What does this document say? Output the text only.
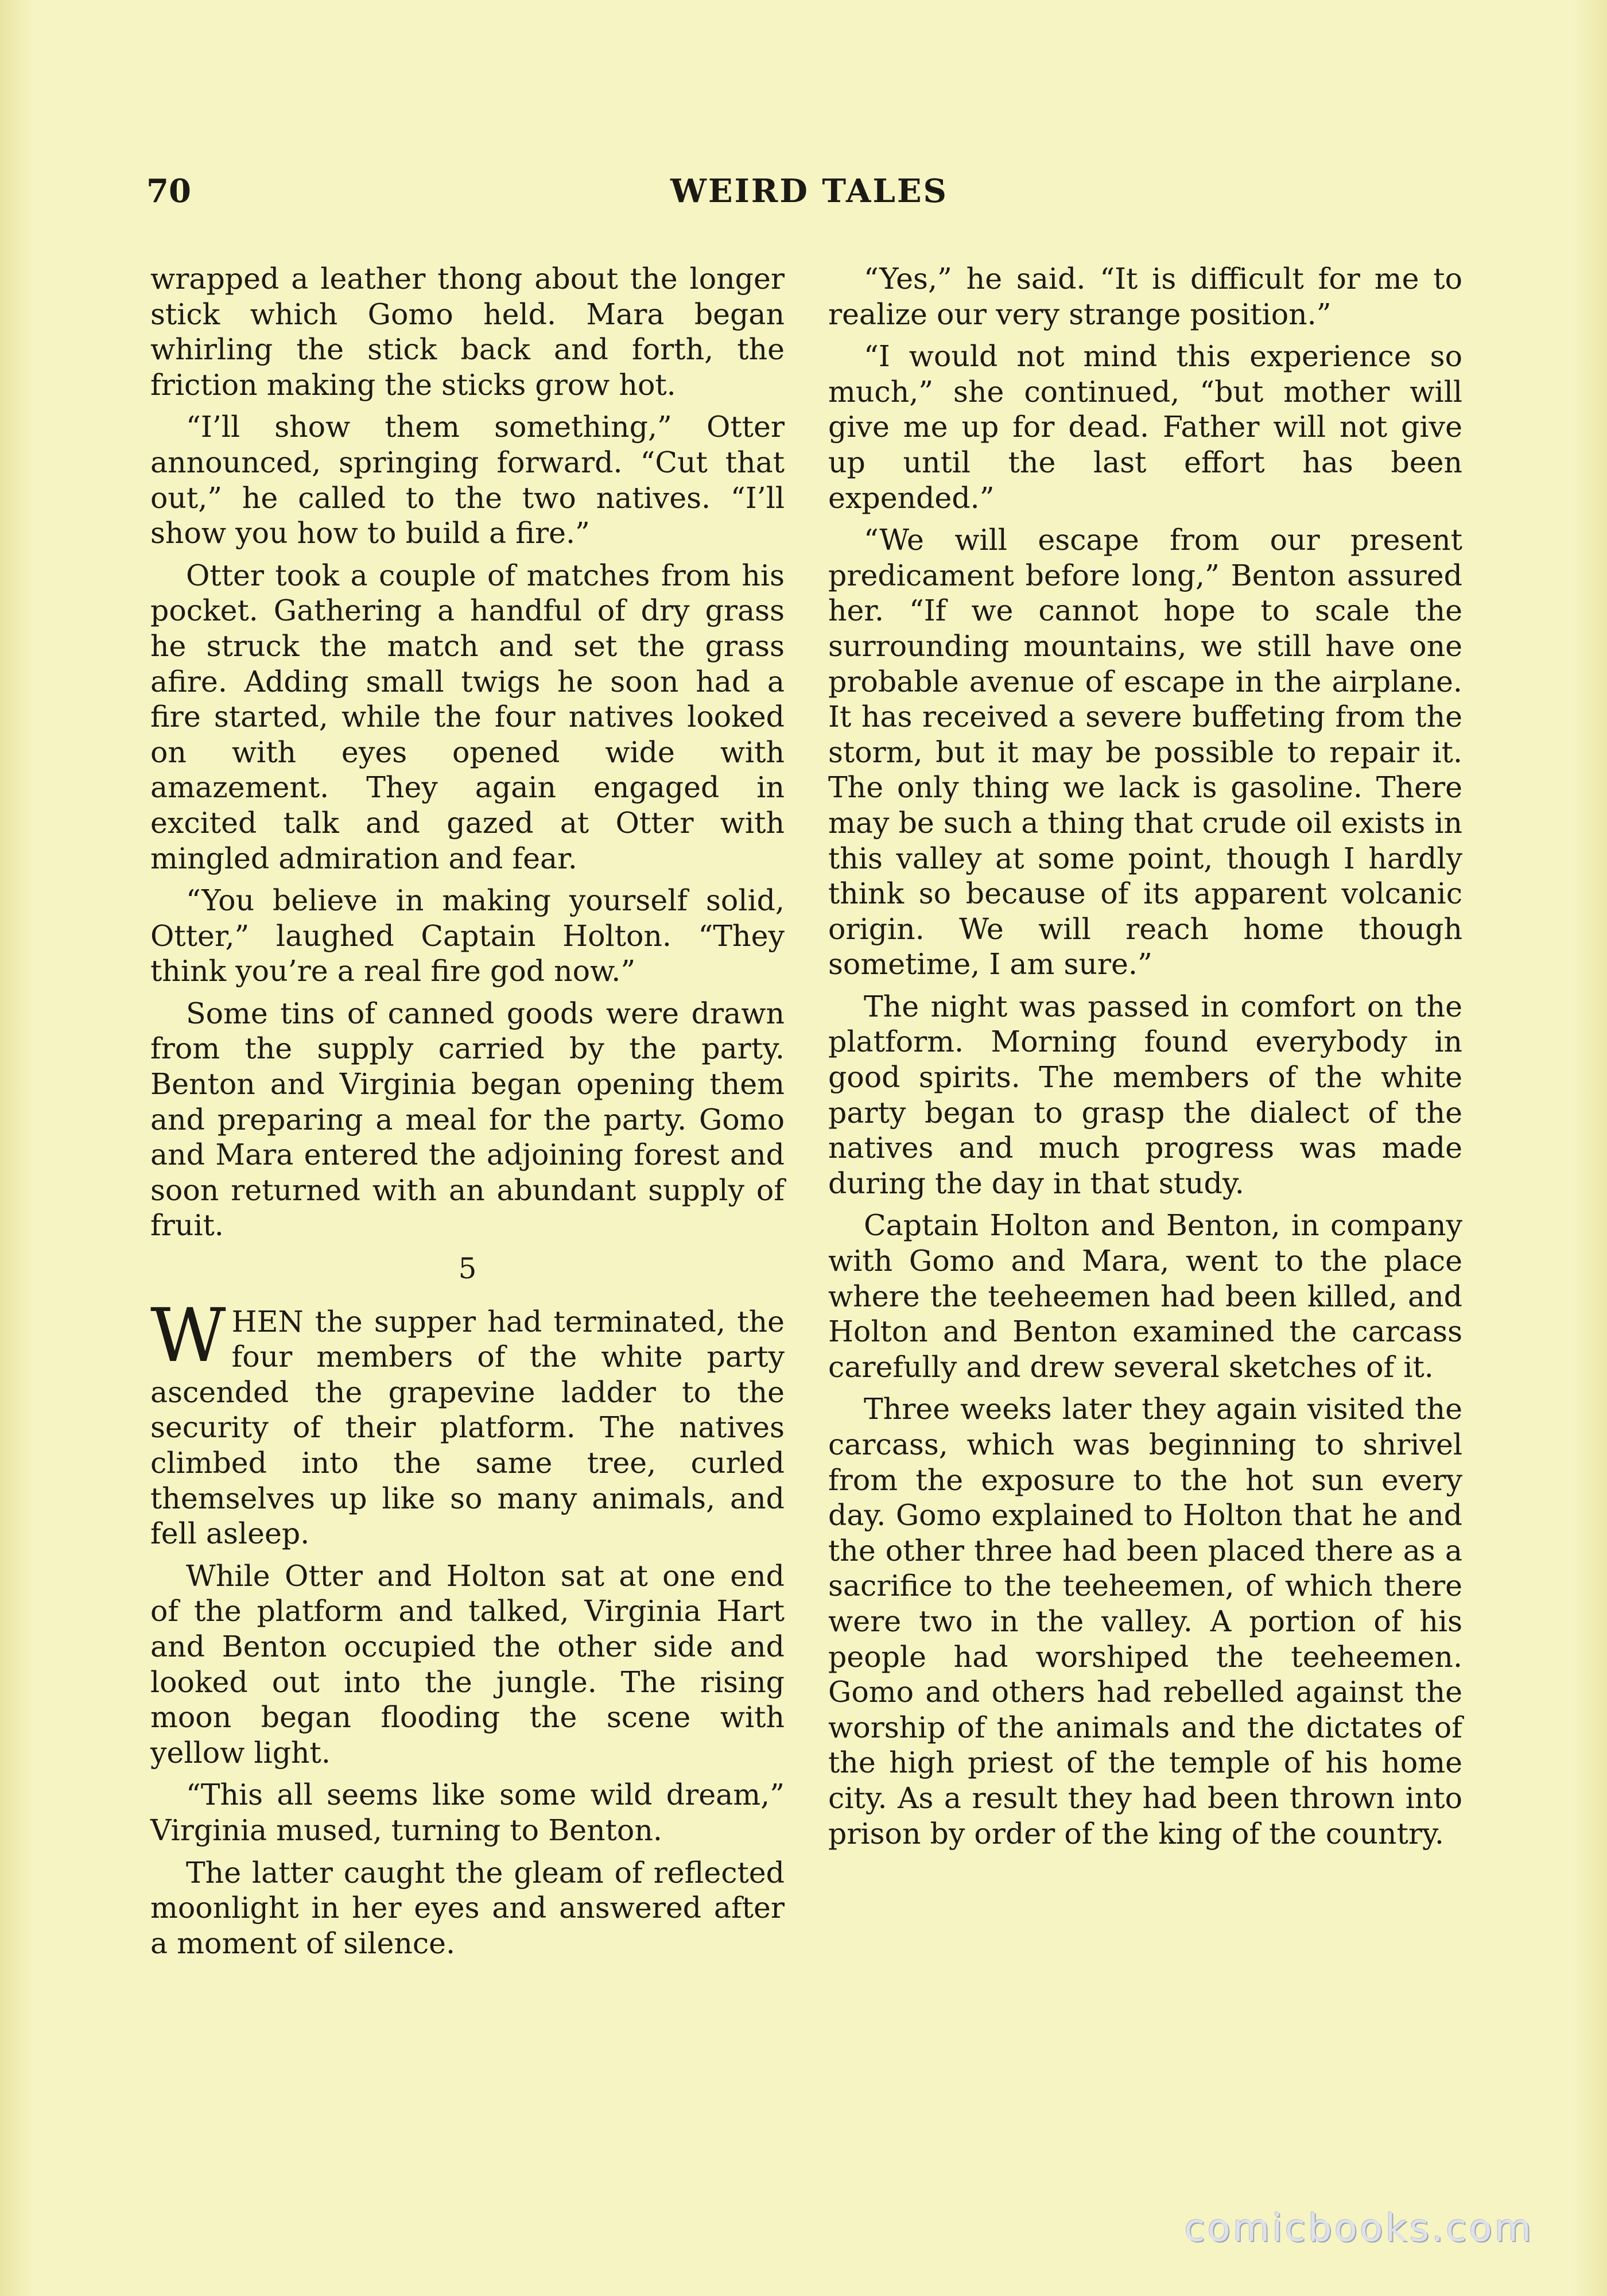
70	WEIRD TALES

wrapped a leather thong about the longer stick which Gomo held. Mara began whirling the stick back and forth, the friction making the sticks grow hot.

“I’ll show them something,” Otter announced, springing forward. “Cut that out,” he called to the two natives. “I’ll show you how to build a fire.”

Otter took a couple of matches from his pocket. Gathering a handful of dry grass he struck the match and set the grass afire. Adding small twigs he soon had a fire started, while the four natives looked on with eyes opened wide with amazement. They again engaged in excited talk and gazed at Otter with mingled admiration and fear.

“You believe in making yourself solid, Otter,” laughed Captain Holton. “They think you’re a real fire god now.”

Some tins of canned goods were drawn from the supply carried by the party. Benton and Virginia began opening them and preparing a meal for the party. Gomo and Mara entered the adjoining forest and soon returned with an abundant supply of fruit.

5

WHEN the supper had terminated, the four members of the white party ascended the grapevine ladder to the security of their platform. The natives climbed into the same tree, curled themselves up like so many animals, and fell asleep.

While Otter and Holton sat at one end of the platform and talked, Virginia Hart and Benton occupied the other side and looked out into the jungle. The rising moon began flooding the scene with yellow light.

“This all seems like some wild dream,” Virginia mused, turning to Benton.

The latter caught the gleam of reflected moonlight in her eyes and answered after a moment of silence.

“Yes,” he said. “It is difficult for me to realize our very strange position.”

“I would not mind this experience so much,” she continued, “but mother will give me up for dead. Father will not give up until the last effort has been expended.”

“We will escape from our present predicament before long,” Benton assured her. “If we cannot hope to scale the surrounding mountains, we still have one probable avenue of escape in the airplane. It has received a severe buffeting from the storm, but it may be possible to repair it. The only thing we lack is gasoline. There may be such a thing that crude oil exists in this valley at some point, though I hardly think so because of its apparent volcanic origin. We will reach home though sometime, I am sure.”

The night was passed in comfort on the platform. Morning found everybody in good spirits. The members of the white party began to grasp the dialect of the natives and much progress was made during the day in that study.

Captain Holton and Benton, in company with Gomo and Mara, went to the place where the teeheemen had been killed, and Holton and Benton examined the carcass carefully and drew several sketches of it.

Three weeks later they again visited the carcass, which was beginning to shrivel from the exposure to the hot sun every day. Gomo explained to Holton that he and the other three had been placed there as a sacrifice to the teeheemen, of which there were two in the valley. A portion of his people had worshiped the teeheemen. Gomo and others had rebelled against the worship of the animals and the dictates of the high priest of the temple of his home city. As a result they had been thrown into prison by order of the king of the country.

comicbooks.com
